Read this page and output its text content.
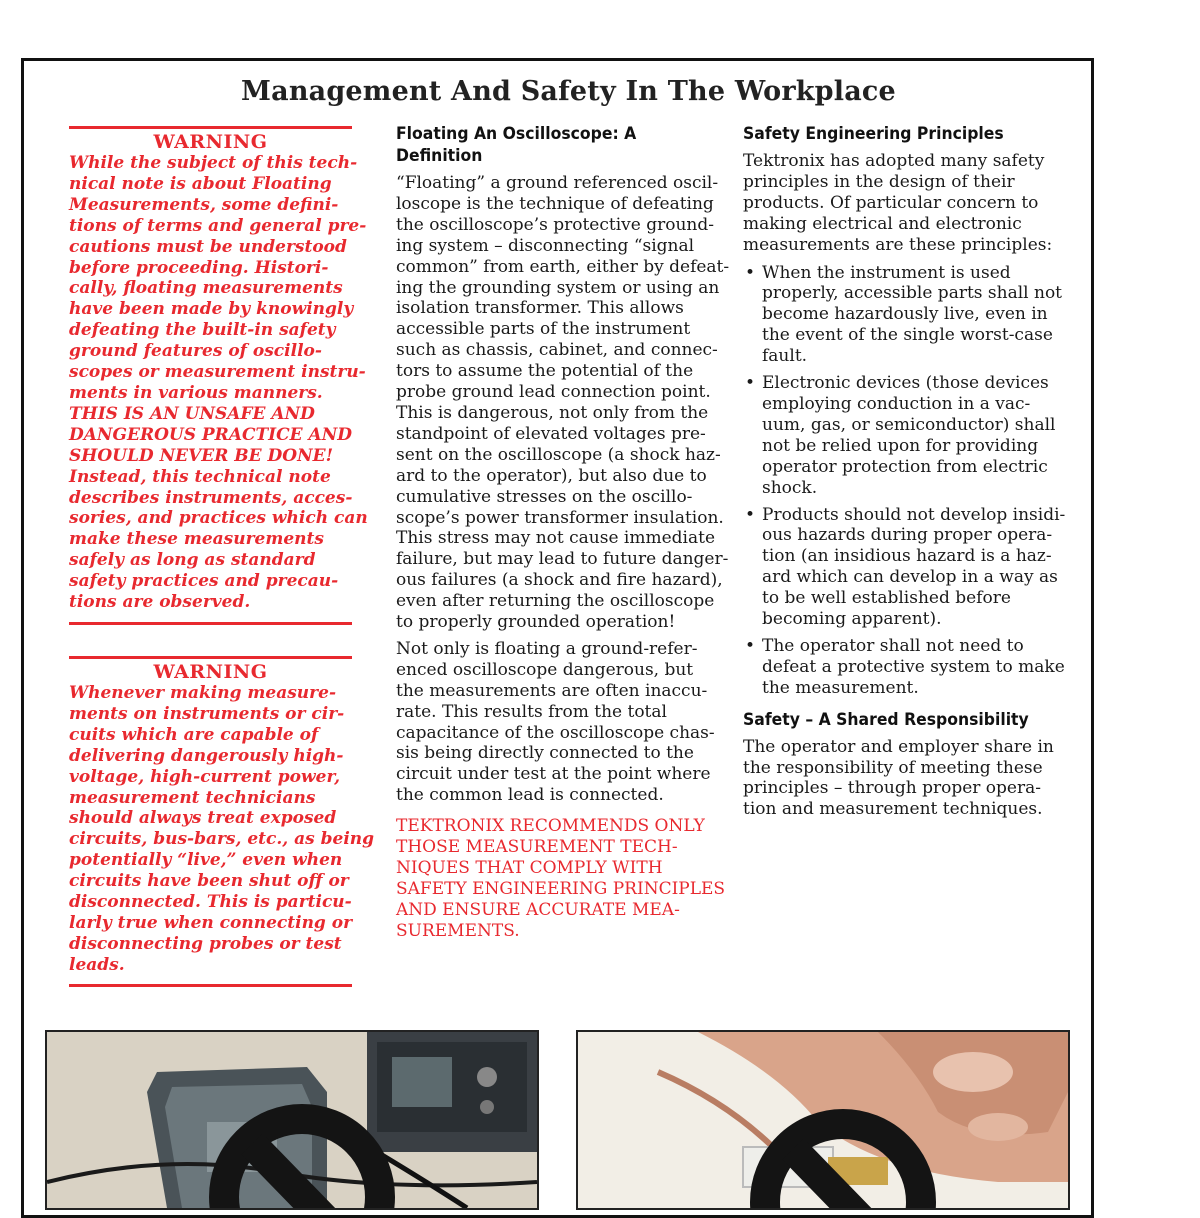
Management And Safety In The Workplace
WARNING
While the subject of this tech-
nical note is about Floating
Measurements, some defini-
tions of terms and general pre-
cautions must be understood
before proceeding. Histori-
cally, floating measurements
have been made by knowingly
defeating the built-in safety
ground features of oscillo-
scopes or measurement instru-
ments in various manners.
THIS IS AN UNSAFE AND
DANGEROUS PRACTICE AND
SHOULD NEVER BE DONE!
Instead, this technical note
describes instruments, acces-
sories, and practices which can
make these measurements
safely as long as standard
safety practices and precau-
tions are observed.
WARNING
Whenever making measure-
ments on instruments or cir-
cuits which are capable of
delivering dangerously high-
voltage, high-current power,
measurement technicians
should always treat exposed
circuits, bus-bars, etc., as being
potentially “live,” even when
circuits have been shut off or
disconnected. This is particu-
larly true when connecting or
disconnecting probes or test
leads.
Floating An Oscilloscope: A
Definition
“Floating” a ground referenced oscil-
loscope is the technique of defeating
the oscilloscope’s protective ground-
ing system – disconnecting “signal
common” from earth, either by defeat-
ing the grounding system or using an
isolation transformer. This allows
accessible parts of the instrument
such as chassis, cabinet, and connec-
tors to assume the potential of the
probe ground lead connection point.
This is dangerous, not only from the
standpoint of elevated voltages pre-
sent on the oscilloscope (a shock haz-
ard to the operator), but also due to
cumulative stresses on the oscillo-
scope’s power transformer insulation.
This stress may not cause immediate
failure, but may lead to future danger-
ous failures (a shock and fire hazard),
even after returning the oscilloscope
to properly grounded operation!
Not only is floating a ground-refer-
enced oscilloscope dangerous, but
the measurements are often inaccu-
rate. This results from the total
capacitance of the oscilloscope chas-
sis being directly connected to the
circuit under test at the point where
the common lead is connected.
TEKTRONIX RECOMMENDS ONLY
THOSE MEASUREMENT TECH-
NIQUES THAT COMPLY WITH
SAFETY ENGINEERING PRINCIPLES
AND ENSURE ACCURATE MEA-
SUREMENTS.
Safety Engineering Principles
Tektronix has adopted many safety
principles in the design of their
products. Of particular concern to
making electrical and electronic
measurements are these principles:
• When the instrument is used
properly, accessible parts shall not
become hazardously live, even in
the event of the single worst-case
fault.
• Electronic devices (those devices
employing conduction in a vac-
uum, gas, or semiconductor) shall
not be relied upon for providing
operator protection from electric
shock.
• Products should not develop insidi-
ous hazards during proper opera-
tion (an insidious hazard is a haz-
ard which can develop in a way as
to be well established before
becoming apparent).
• The operator shall not need to
defeat a protective system to make
the measurement.
Safety – A Shared Responsibility
The operator and employer share in
the responsibility of meeting these
principles – through proper opera-
tion and measurement techniques.
